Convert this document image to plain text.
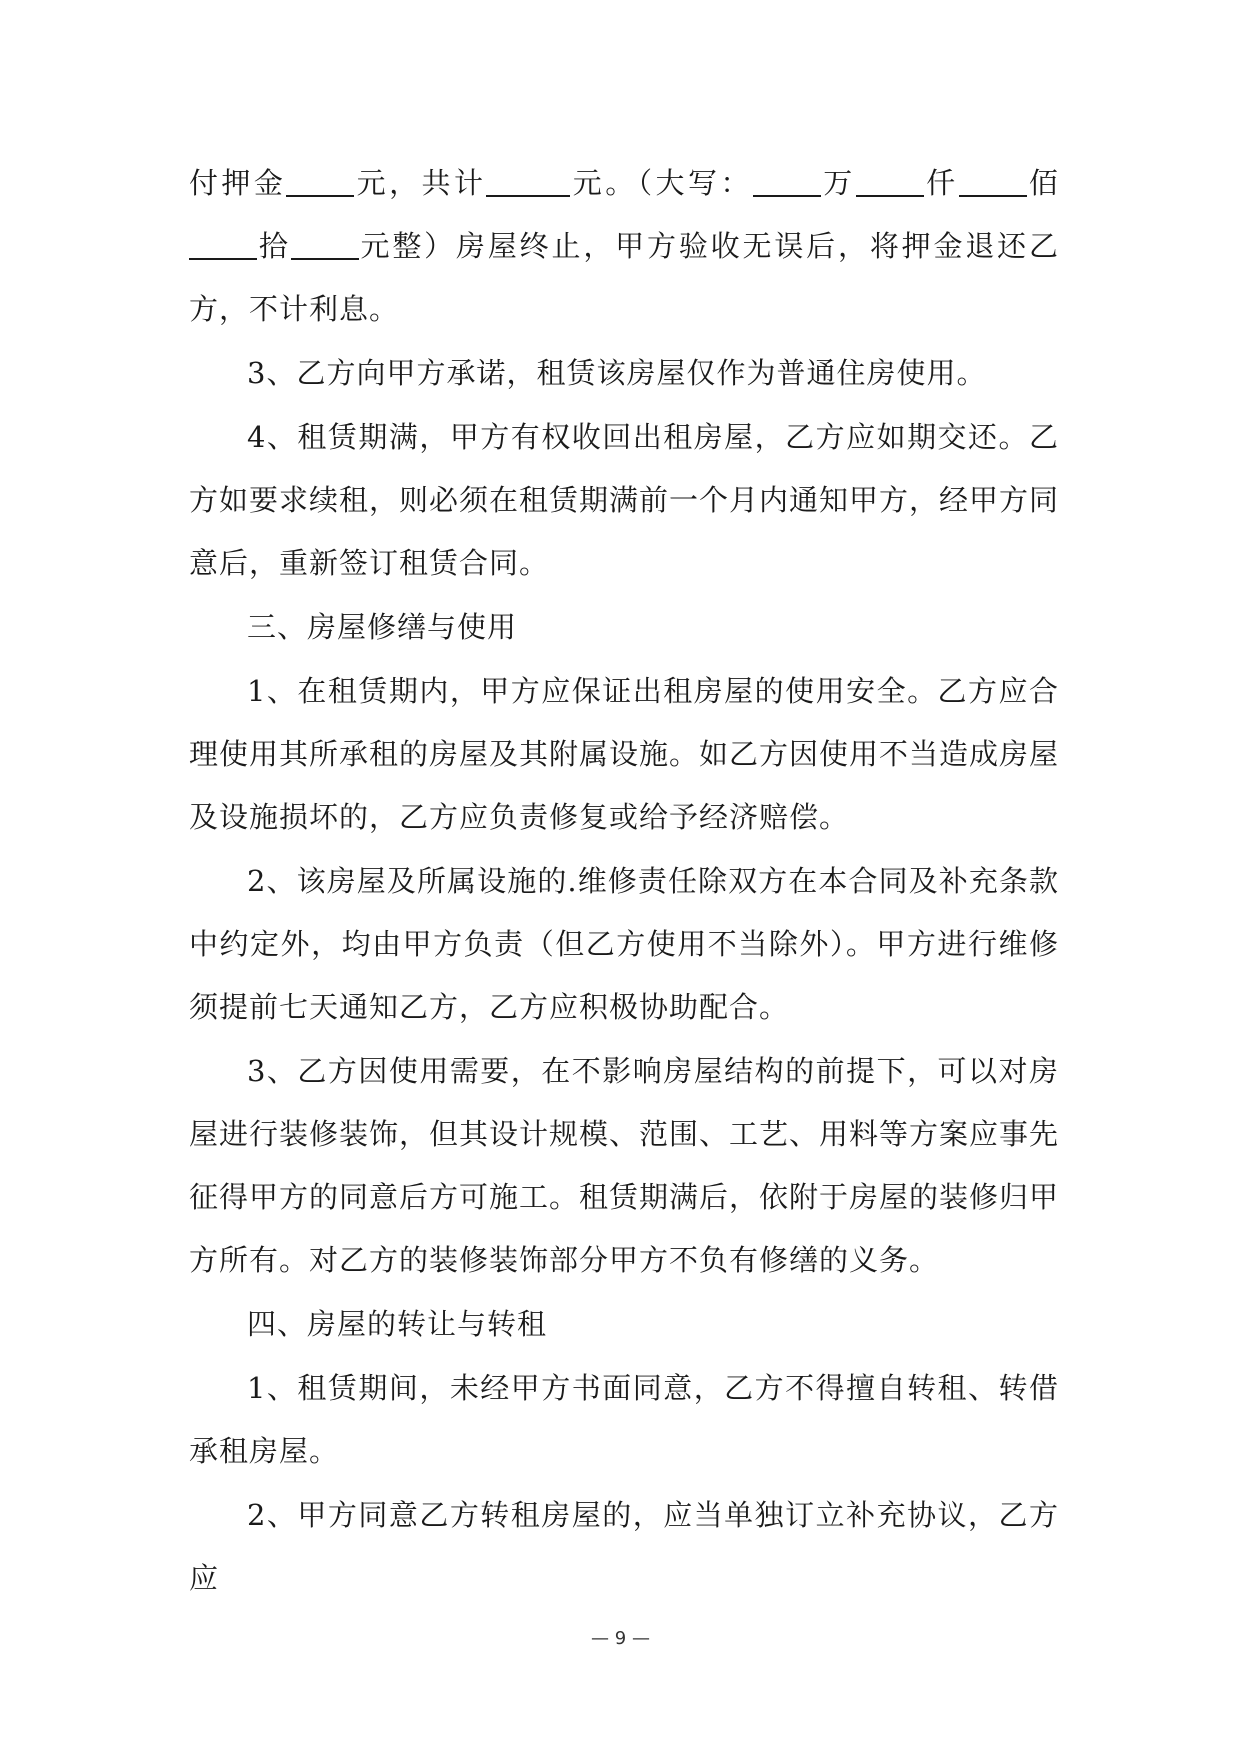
付押金 元，共计	元。（大写： 万 仟 佰拾 元整）房屋终止，甲方验收无误后，将押金退还乙方，不计利息。

3、乙方向甲方承诺，租赁该房屋仅作为普通住房使用。

4、租赁期满，甲方有权收回出租房屋，乙方应如期交还。乙方如要求续租，则必须在租赁期满前一个月内通知甲方，经甲方同意后，重新签订租赁合同。

三、房屋修缮与使用

1、在租赁期内，甲方应保证出租房屋的使用安全。乙方应合理使用其所承租的房屋及其附属设施。如乙方因使用不当造成房屋及设施损坏的，乙方应负责修复或给予经济赔偿。

2、该房屋及所属设施的.维修责任除双方在本合同及补充条款中约定外，均由甲方负责（但乙方使用不当除外）。甲方进行维修须提前七天通知乙方，乙方应积极协助配合。

3、乙方因使用需要，在不影响房屋结构的前提下，可以对房屋进行装修装饰，但其设计规模、范围、工艺、用料等方案应事先征得甲方的同意后方可施工。租赁期满后，依附于房屋的装修归甲方所有。对乙方的装修装饰部分甲方不负有修缮的义务。

四、房屋的转让与转租

1、租赁期间，未经甲方书面同意，乙方不得擅自转租、转借承租房屋。

2、甲方同意乙方转租房屋的，应当单独订立补充协议，乙方应

— 9 —
